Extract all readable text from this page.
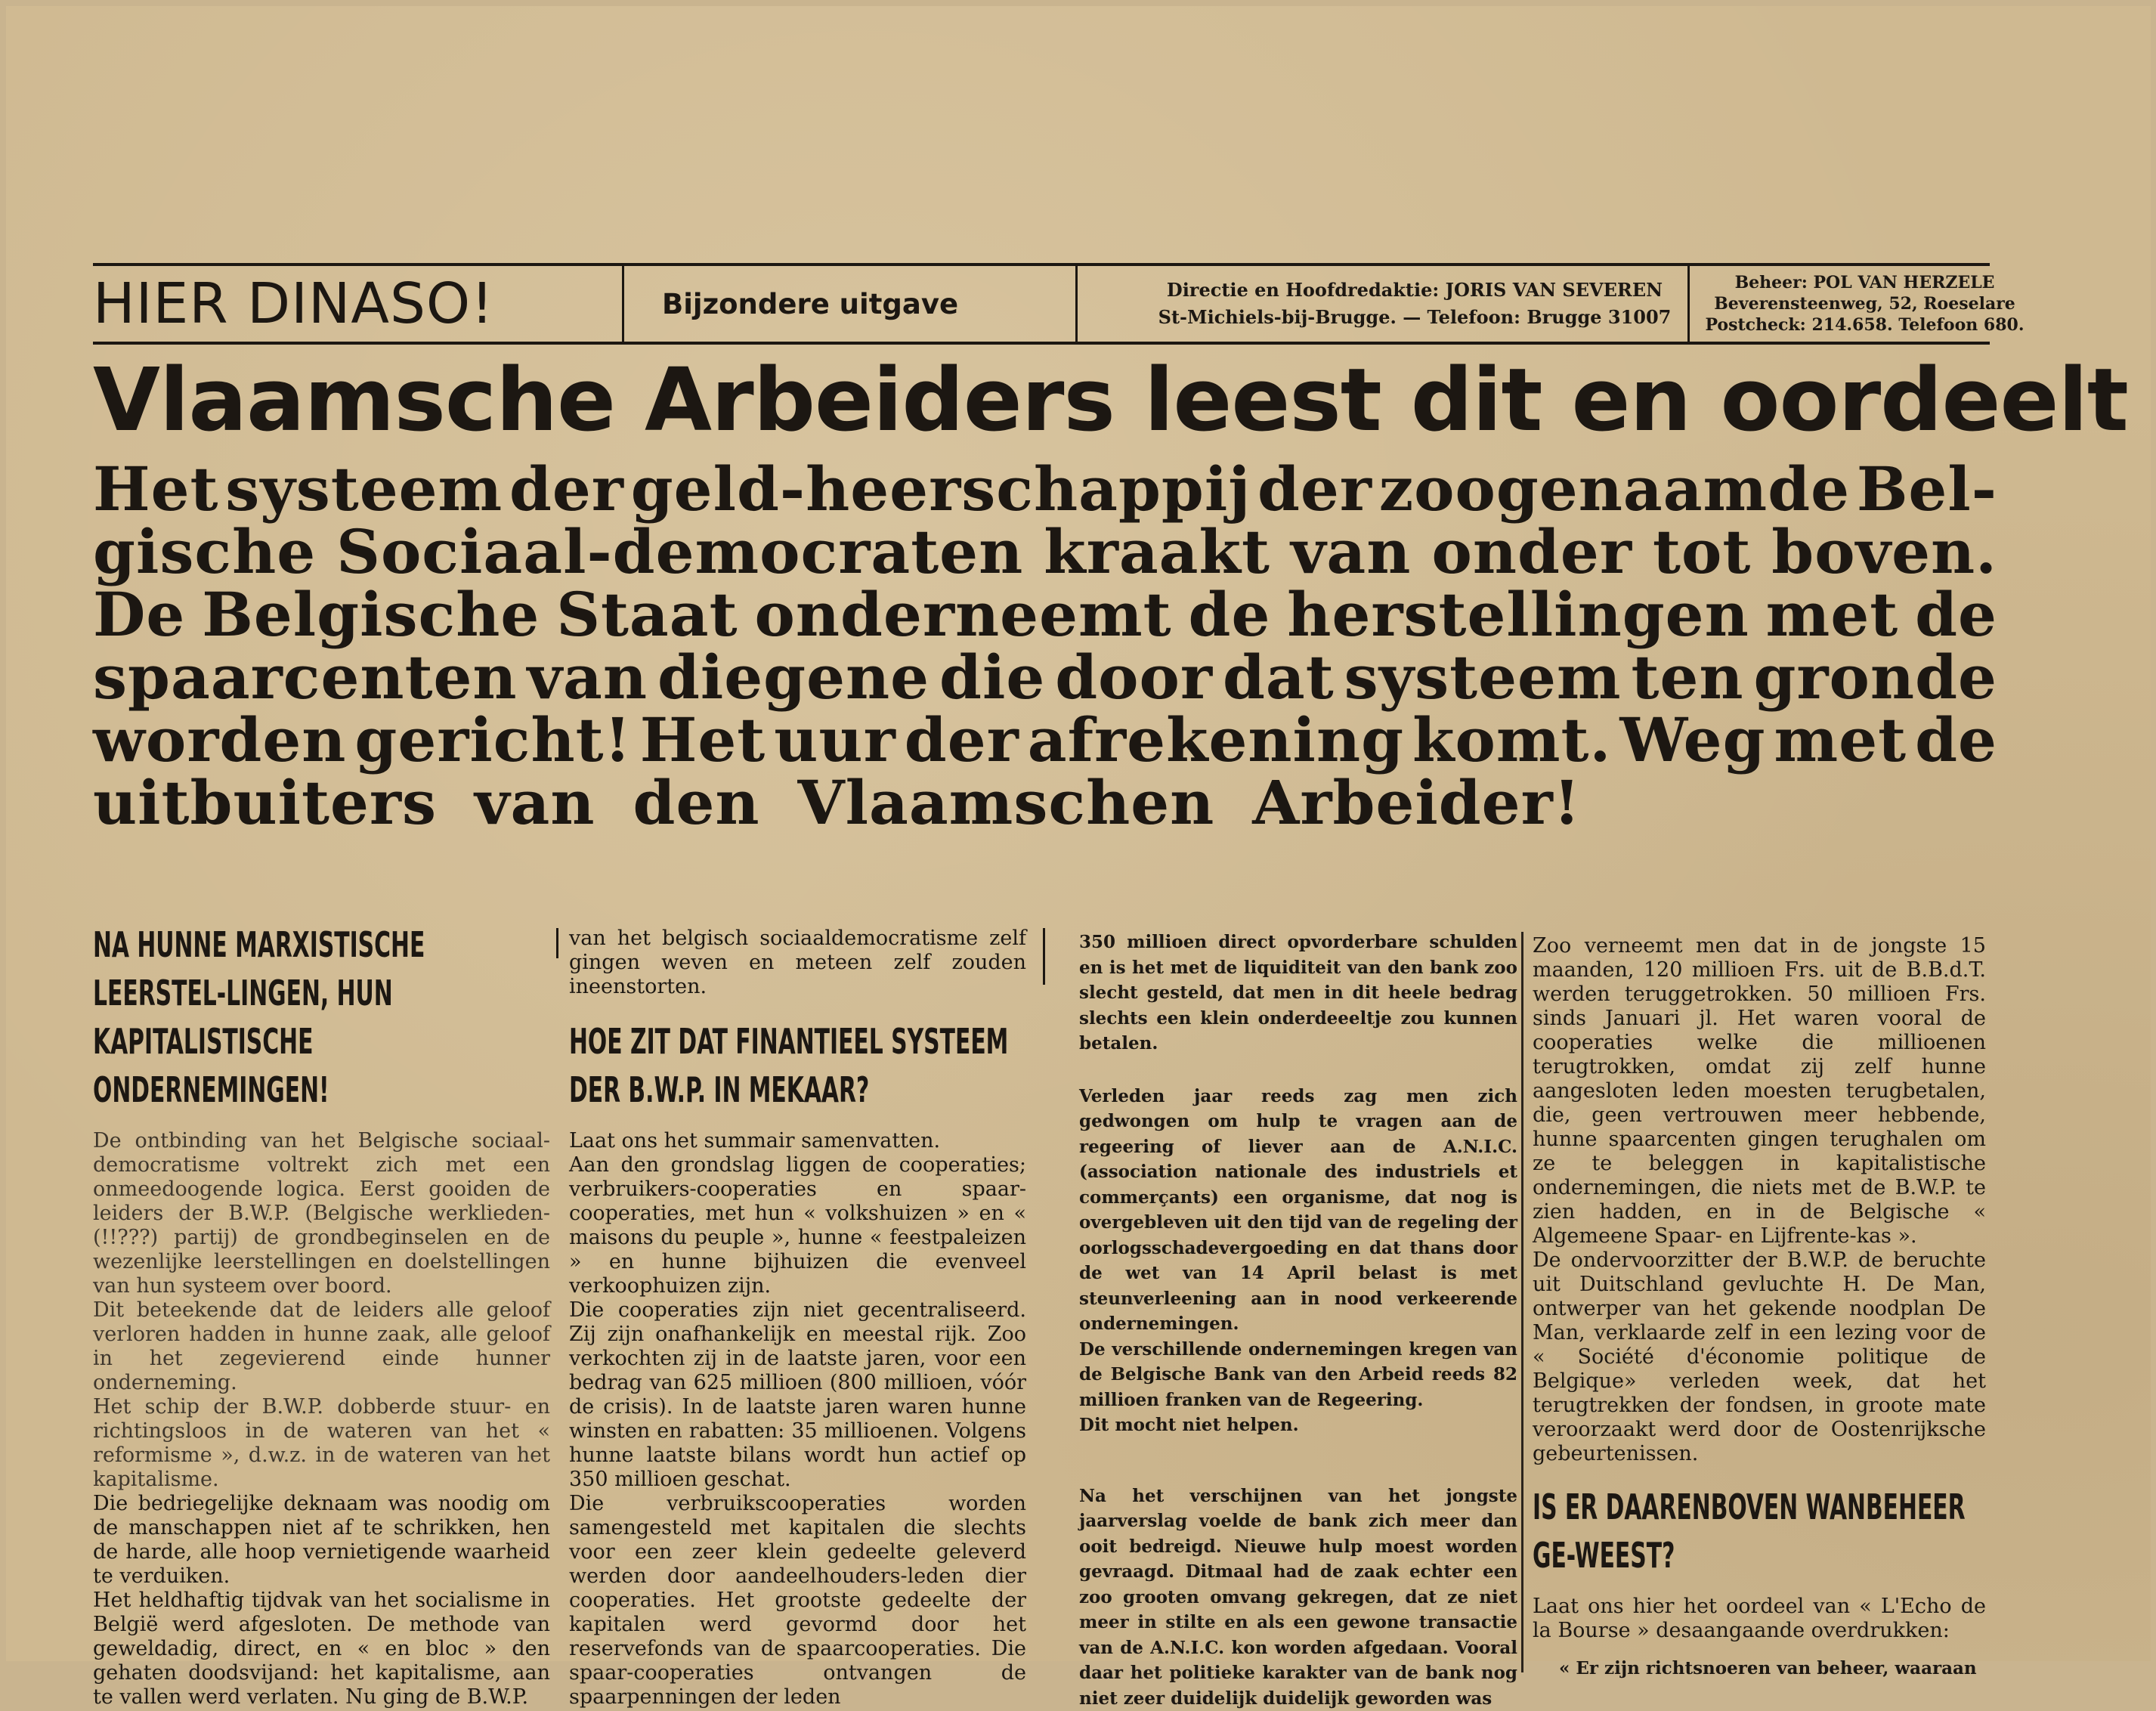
HIER DINASO!	Bijzondere uitgave	Directie en Hoofdredaktie: JORIS VAN SEVEREN
St-Michiels-bij-Brugge. — Telefoon: Brugge 31007
Beheer: POL VAN HERZELE
Beverensteenweg, 52, Roeselare
Postcheck: 214.658. Telefoon 680.
Vlaamsche Arbeiders leest dit en oordeelt
Het systeem der geld-heerschappij der zoogenaamde Bel-
gische Sociaal-democraten kraakt van onder tot boven.
De Belgische Staat onderneemt de herstellingen met de
spaarcenten van diegene die door dat systeem ten gronde
worden gericht! Het uur der afrekening komt. Weg met de
uitbuiters van den Vlaamschen Arbeider!
NA HUNNE MARXISTISCHE LEERSTEL-LINGEN, HUN KAPITALISTISCHE ONDERNEMINGEN!

De ontbinding van het Belgische sociaal-democratisme voltrekt zich met een onmeedoogende logica. Eerst gooiden de leiders der B.W.P. (Belgische werklieden-(!!???) partij) de grondbeginselen en de wezenlijke leerstellingen en doelstellingen van hun systeem over boord.

Dit beteekende dat de leiders alle geloof verloren hadden in hunne zaak, alle geloof in het zegevierend einde hunner onderneming.

Het schip der B.W.P. dobberde stuur- en richtingsloos in de wateren van het « reformisme », d.w.z. in de wateren van het kapitalisme.

Die bedriegelijke deknaam was noodig om de manschappen niet af te schrikken, hen de harde, alle hoop vernietigende waarheid te verduiken.

Het heldhaftig tijdvak van het socialisme in België werd afgesloten. De methode van geweldadig, direct, en « en bloc » den gehaten doodsvijand: het kapitalisme, aan te vallen werd verlaten. Nu ging de B.W.P.

van het belgisch sociaaldemocratisme zelf gingen weven en meteen zelf zouden ineenstorten.

HOE ZIT DAT FINANTIEEL SYSTEEM DER B.W.P. IN MEKAAR?

Laat ons het summair samenvatten.

Aan den grondslag liggen de cooperaties; verbruikers-cooperaties en spaar-cooperaties, met hun « volkshuizen » en « maisons du peuple », hunne « feestpaleizen » en hunne bijhuizen die evenveel verkoophuizen zijn.

Die cooperaties zijn niet gecentraliseerd. Zij zijn onafhankelijk en meestal rijk. Zoo verkochten zij in de laatste jaren, voor een bedrag van 625 millioen (800 millioen, vóór de crisis). In de laatste jaren waren hunne winsten en rabatten: 35 millioenen. Volgens hunne laatste bilans wordt hun actief op 350 millioen geschat.

Die verbruikscooperaties worden samengesteld met kapitalen die slechts voor een zeer klein gedeelte geleverd werden door aandeelhouders-leden dier cooperaties. Het grootste gedeelte der kapitalen werd gevormd door het reservefonds van de spaarcooperaties. Die spaar-cooperaties ontvangen de spaarpenningen der leden

350 millioen direct opvorderbare schulden en is het met de liquiditeit van den bank zoo slecht gesteld, dat men in dit heele bedrag slechts een klein onderdeeeltje zou kunnen betalen.

Verleden jaar reeds zag men zich gedwongen om hulp te vragen aan de regeering of liever aan de A.N.I.C. (association nationale des industriels et commerçants) een organisme, dat nog is overgebleven uit den tijd van de regeling der oorlogsschadevergoeding en dat thans door de wet van 14 April belast is met steunverleening aan in nood verkeerende ondernemingen.

De verschillende ondernemingen kregen van de Belgische Bank van den Arbeid reeds 82 millioen franken van de Regeering.

Dit mocht niet helpen.

Na het verschijnen van het jongste jaarverslag voelde de bank zich meer dan ooit bedreigd. Nieuwe hulp moest worden gevraagd. Ditmaal had de zaak echter een zoo grooten omvang gekregen, dat ze niet meer in stilte en als een gewone transactie van de A.N.I.C. kon worden afgedaan. Vooral daar het politieke karakter van de bank nog niet zeer duidelijk duidelijk geworden was

Zoo verneemt men dat in de jongste 15 maanden, 120 millioen Frs. uit de B.B.d.T. werden teruggetrokken. 50 millioen Frs. sinds Januari jl. Het waren vooral de cooperaties welke die millioenen terugtrokken, omdat zij zelf hunne aangesloten leden moesten terugbetalen, die, geen vertrouwen meer hebbende, hunne spaarcenten gingen terughalen om ze te beleggen in kapitalistische ondernemingen, die niets met de B.W.P. te zien hadden, en in de Belgische « Algemeene Spaar- en Lijfrente-kas ».

De ondervoorzitter der B.W.P. de beruchte uit Duitschland gevluchte H. De Man, ontwerper van het gekende noodplan De Man, verklaarde zelf in een lezing voor de « Société d'économie politique de Belgique» verleden week, dat het terugtrekken der fondsen, in groote mate veroorzaakt werd door de Oostenrijksche gebeurtenissen.

IS ER DAARENBOVEN WANBEHEER GE-WEEST?

Laat ons hier het oordeel van « L'Echo de la Bourse » desaangaande overdrukken:

« Er zijn richtsnoeren van beheer, waaraan
